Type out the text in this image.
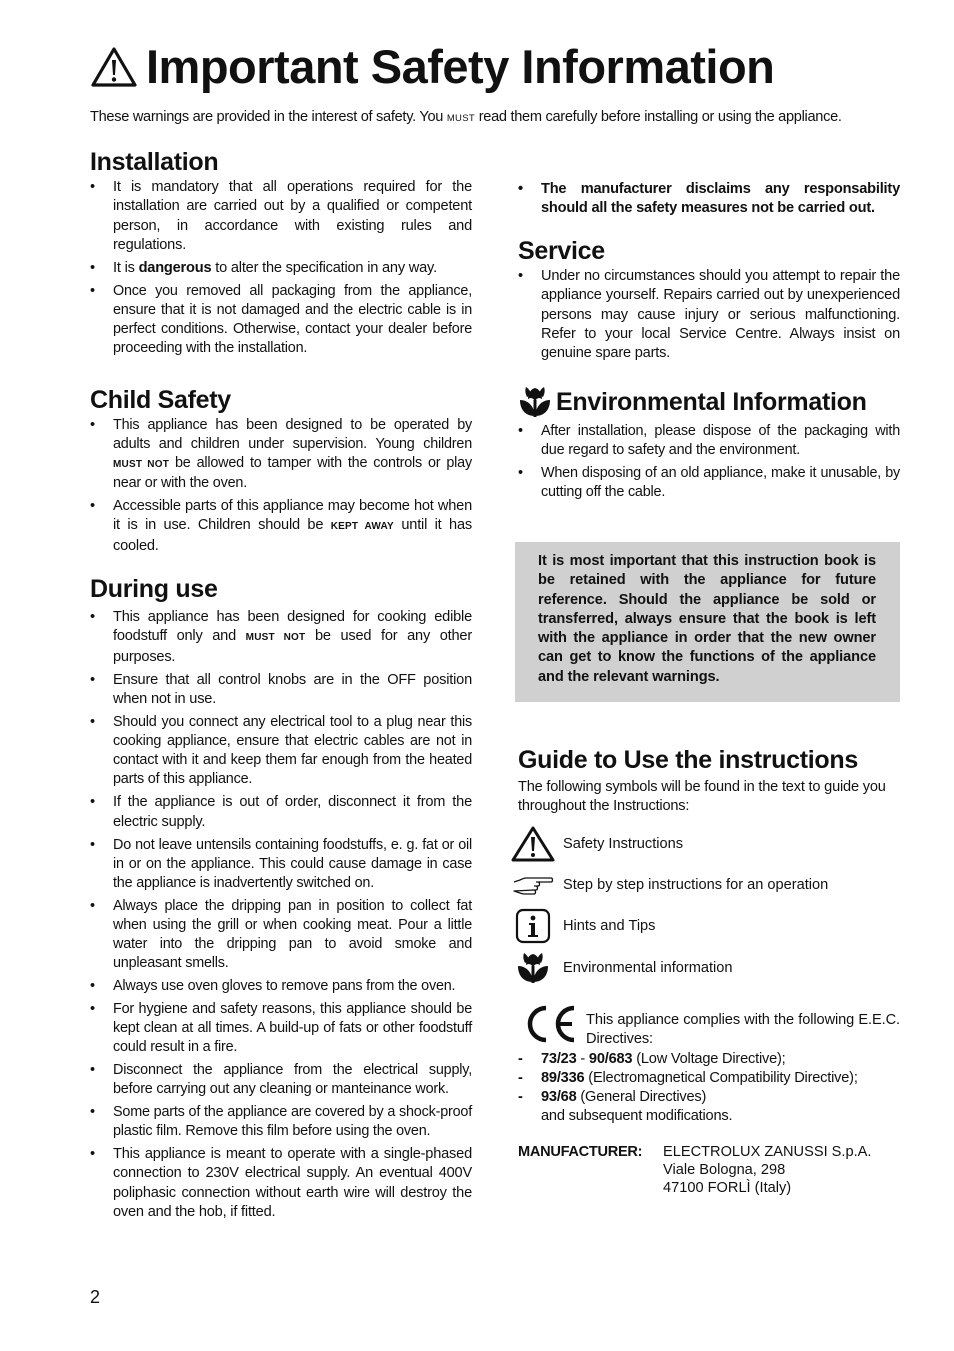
Important Safety Information
These warnings are provided in the interest of safety. You MUST read them carefully before installing or using the appliance.
Installation
• It is mandatory that all operations required for the installation are carried out by a qualified or competent person, in accordance with existing rules and regulations.
• It is dangerous to alter the specification in any way.
• Once you removed all packaging from the appliance, ensure that it is not damaged and the electric cable is in perfect conditions. Otherwise, contact your dealer before proceeding with the installation.
Child Safety
• This appliance has been designed to be operated by adults and children under supervision. Young children MUST NOT be allowed to tamper with the controls or play near or with the oven.
• Accessible parts of this appliance may become hot when it is in use. Children should be KEPT AWAY until it has cooled.
During use
• This appliance has been designed for cooking edible foodstuff only and MUST NOT be used for any other purposes.
• Ensure that all control knobs are in the OFF position when not in use.
• Should you connect any electrical tool to a plug near this cooking appliance, ensure that electric cables are not in contact with it and keep them far enough from the heated parts of this appliance.
• If the appliance is out of order, disconnect it from the electric supply.
• Do not leave untensils containing foodstuffs, e. g. fat or oil in or on the appliance. This could cause damage in case the appliance is inadvertently switched on.
• Always place the dripping pan in position to collect fat when using the grill or when cooking meat. Pour a little water into the dripping pan to avoid smoke and unpleasant smells.
• Always use oven gloves to remove pans from the oven.
• For hygiene and safety reasons, this appliance should be kept clean at all times. A build-up of fats or other foodstuff could result in a fire.
• Disconnect the appliance from the electrical supply, before carrying out any cleaning or manteinance work.
• Some parts of the appliance are covered by a shock-proof plastic film. Remove this film before using the oven.
• This appliance is meant to operate with a single-phased connection to 230V electrical supply. An eventual 400V poliphasic connection without earth wire will destroy the oven and the hob, if fitted.
• The manufacturer disclaims any responsability should all the safety measures not be carried out.
Service
• Under no circumstances should you attempt to repair the appliance yourself. Repairs carried out by unexperienced persons may cause injury or serious malfunctioning. Refer to your local Service Centre. Always insist on genuine spare parts.
Environmental Information
• After installation, please dispose of the packaging with due regard to safety and the environment.
• When disposing of an old appliance, make it unusable, by cutting off the cable.

It is most important that this instruction book is be retained with the appliance for future reference. Should the appliance be sold or transferred, always ensure that the book is left with the appliance in order that the new owner can get to know the functions of the appliance and the relevant warnings.

Guide to Use the instructions
The following symbols will be found in the text to guide you throughout the Instructions:
Safety Instructions
Step by step instructions for an operation
Hints and Tips
Environmental information
This appliance complies with the following E.E.C. Directives:
- 73/23 - 90/683 (Low Voltage Directive);
- 89/336 (Electromagnetical Compatibility Directive);
- 93/68 (General Directives)
and subsequent modifications.
MANUFACTURER:	ELECTROLUX ZANUSSI S.p.A.
Viale Bologna, 298
47100 FORLÌ (Italy)
2
